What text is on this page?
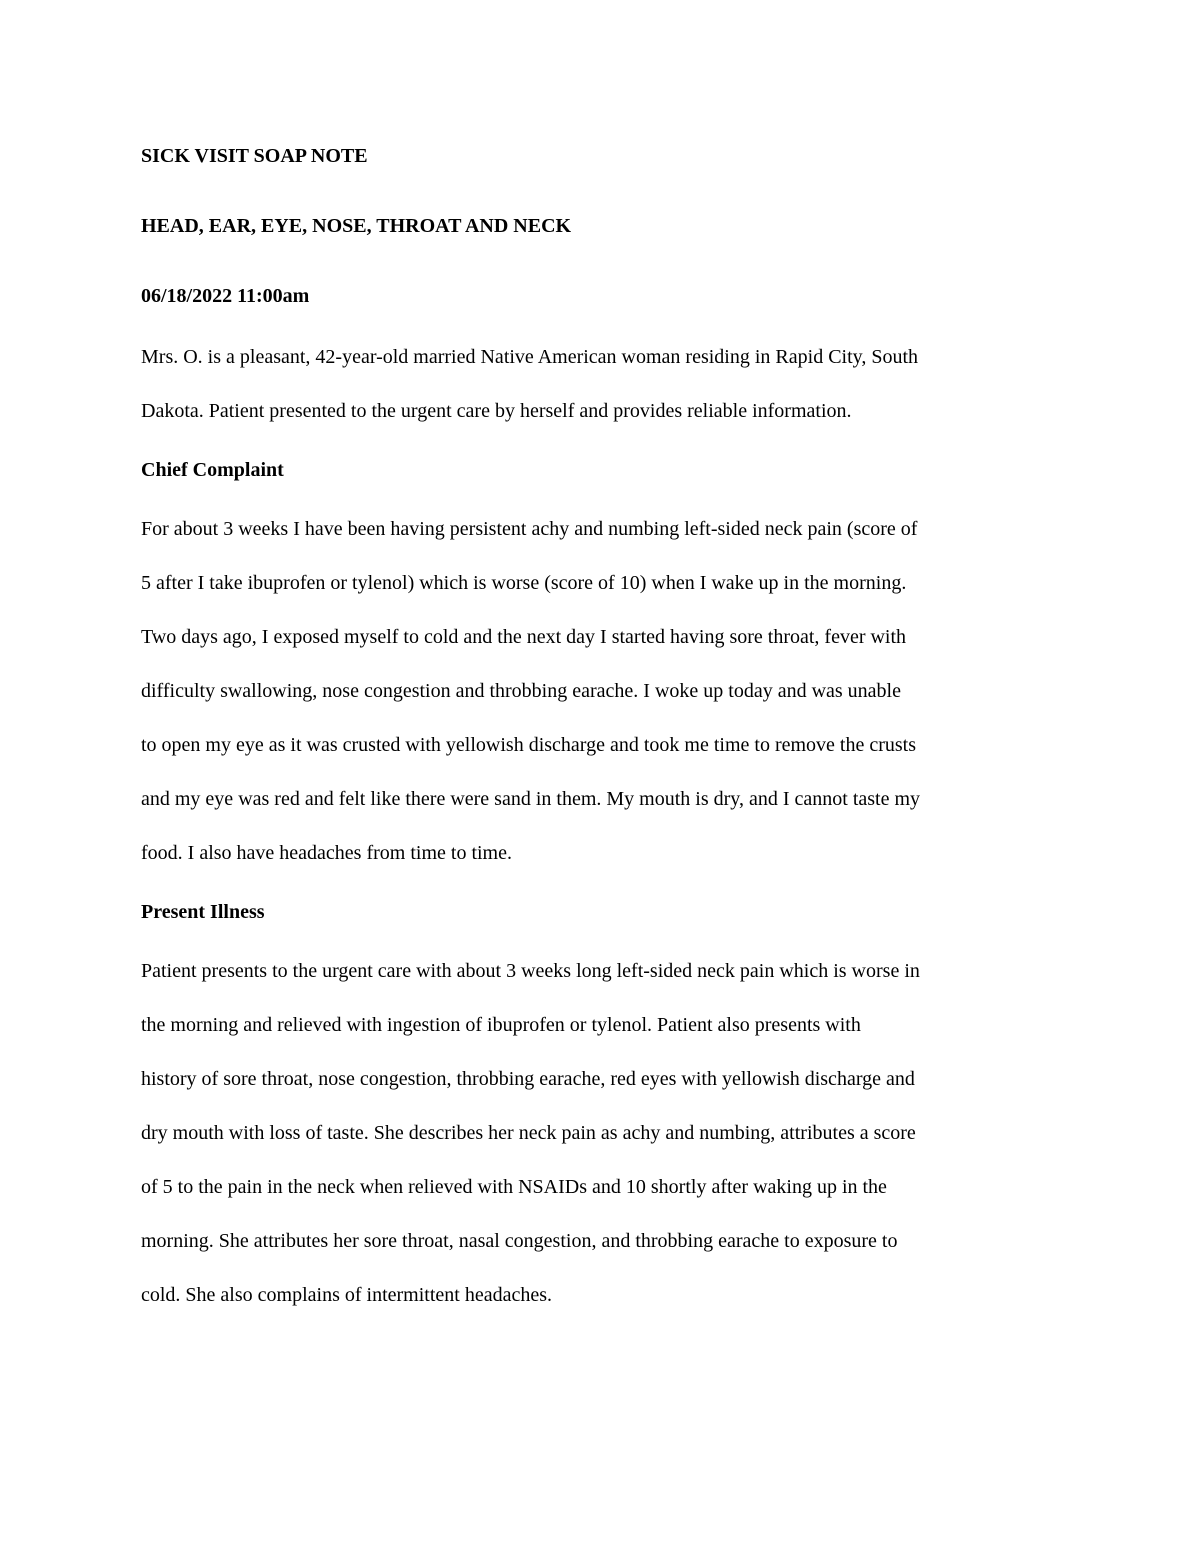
SICK VISIT SOAP NOTE

HEAD, EAR, EYE, NOSE, THROAT AND NECK

06/18/2022 11:00am

Mrs. O. is a pleasant, 42-year-old married Native American woman residing in Rapid City, South
Dakota. Patient presented to the urgent care by herself and provides reliable information.

Chief Complaint

For about 3 weeks I have been having persistent achy and numbing left-sided neck pain (score of
5 after I take ibuprofen or tylenol) which is worse (score of 10) when I wake up in the morning.
Two days ago, I exposed myself to cold and the next day I started having sore throat, fever with
difficulty swallowing, nose congestion and throbbing earache. I woke up today and was unable
to open my eye as it was crusted with yellowish discharge and took me time to remove the crusts
and my eye was red and felt like there were sand in them. My mouth is dry, and I cannot taste my
food. I also have headaches from time to time.

Present Illness

Patient presents to the urgent care with about 3 weeks long left-sided neck pain which is worse in
the morning and relieved with ingestion of ibuprofen or tylenol. Patient also presents with
history of sore throat, nose congestion, throbbing earache, red eyes with yellowish discharge and
dry mouth with loss of taste. She describes her neck pain as achy and numbing, attributes a score
of 5 to the pain in the neck when relieved with NSAIDs and 10 shortly after waking up in the
morning. She attributes her sore throat, nasal congestion, and throbbing earache to exposure to
cold. She also complains of intermittent headaches.
